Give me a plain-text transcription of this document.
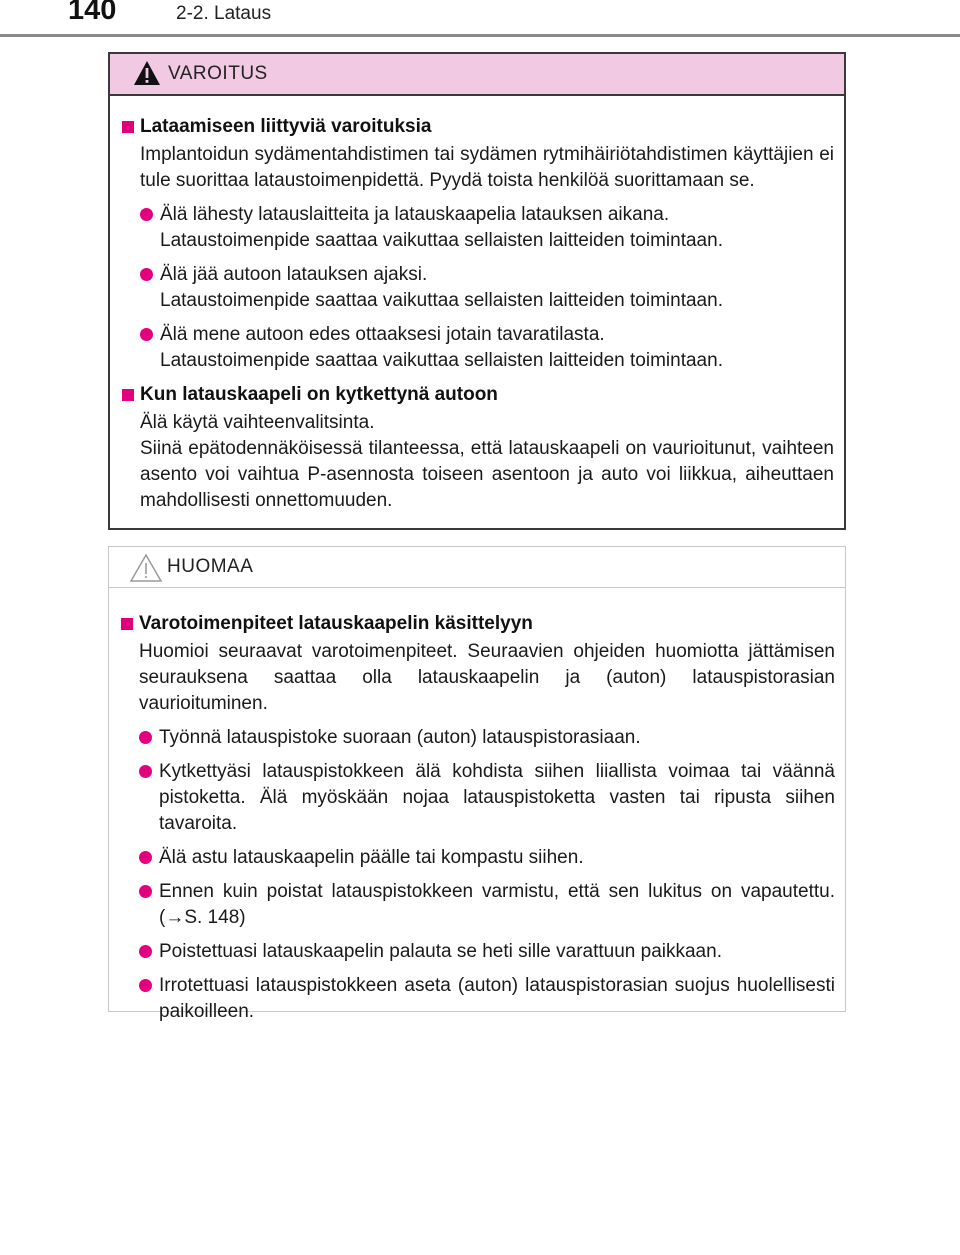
140	2-2. Lataus
VAROITUS
Lataamiseen liittyviä varoituksia

Implantoidun sydämentahdistimen tai sydämen rytmihäiriötahdistimen käyttäjien ei tule suorittaa lataustoimenpidettä. Pyydä toista henkilöä suorittamaan se.

Älä lähesty latauslaitteita ja latauskaapelia latauksen aikana.

Lataustoimenpide saattaa vaikuttaa sellaisten laitteiden toimintaan.

Älä jää autoon latauksen ajaksi.

Lataustoimenpide saattaa vaikuttaa sellaisten laitteiden toimintaan.

Älä mene autoon edes ottaaksesi jotain tavaratilasta.

Lataustoimenpide saattaa vaikuttaa sellaisten laitteiden toimintaan.

Kun latauskaapeli on kytkettynä autoon

Älä käytä vaihteenvalitsinta.

Siinä epätodennäköisessä tilanteessa, että latauskaapeli on vaurioitunut, vaihteen asento voi vaihtua P-asennosta toiseen asentoon ja auto voi liikkua, aiheuttaen mahdollisesti onnettomuuden.

HUOMAA
Varotoimenpiteet latauskaapelin käsittelyyn

Huomioi seuraavat varotoimenpiteet. Seuraavien ohjeiden huomiotta jättämisen seurauksena saattaa olla latauskaapelin ja (auton) latauspistorasian vaurioituminen.

Työnnä latauspistoke suoraan (auton) latauspistorasiaan.

Kytkettyäsi latauspistokkeen älä kohdista siihen liiallista voimaa tai väännä pistoketta. Älä myöskään nojaa latauspistoketta vasten tai ripusta siihen tavaroita.

Älä astu latauskaapelin päälle tai kompastu siihen.

Ennen kuin poistat latauspistokkeen varmistu, että sen lukitus on vapautettu. (→S. 148)

Poistettuasi latauskaapelin palauta se heti sille varattuun paikkaan.

Irrotettuasi latauspistokkeen aseta (auton) latauspistorasian suojus huolellisesti paikoilleen.
